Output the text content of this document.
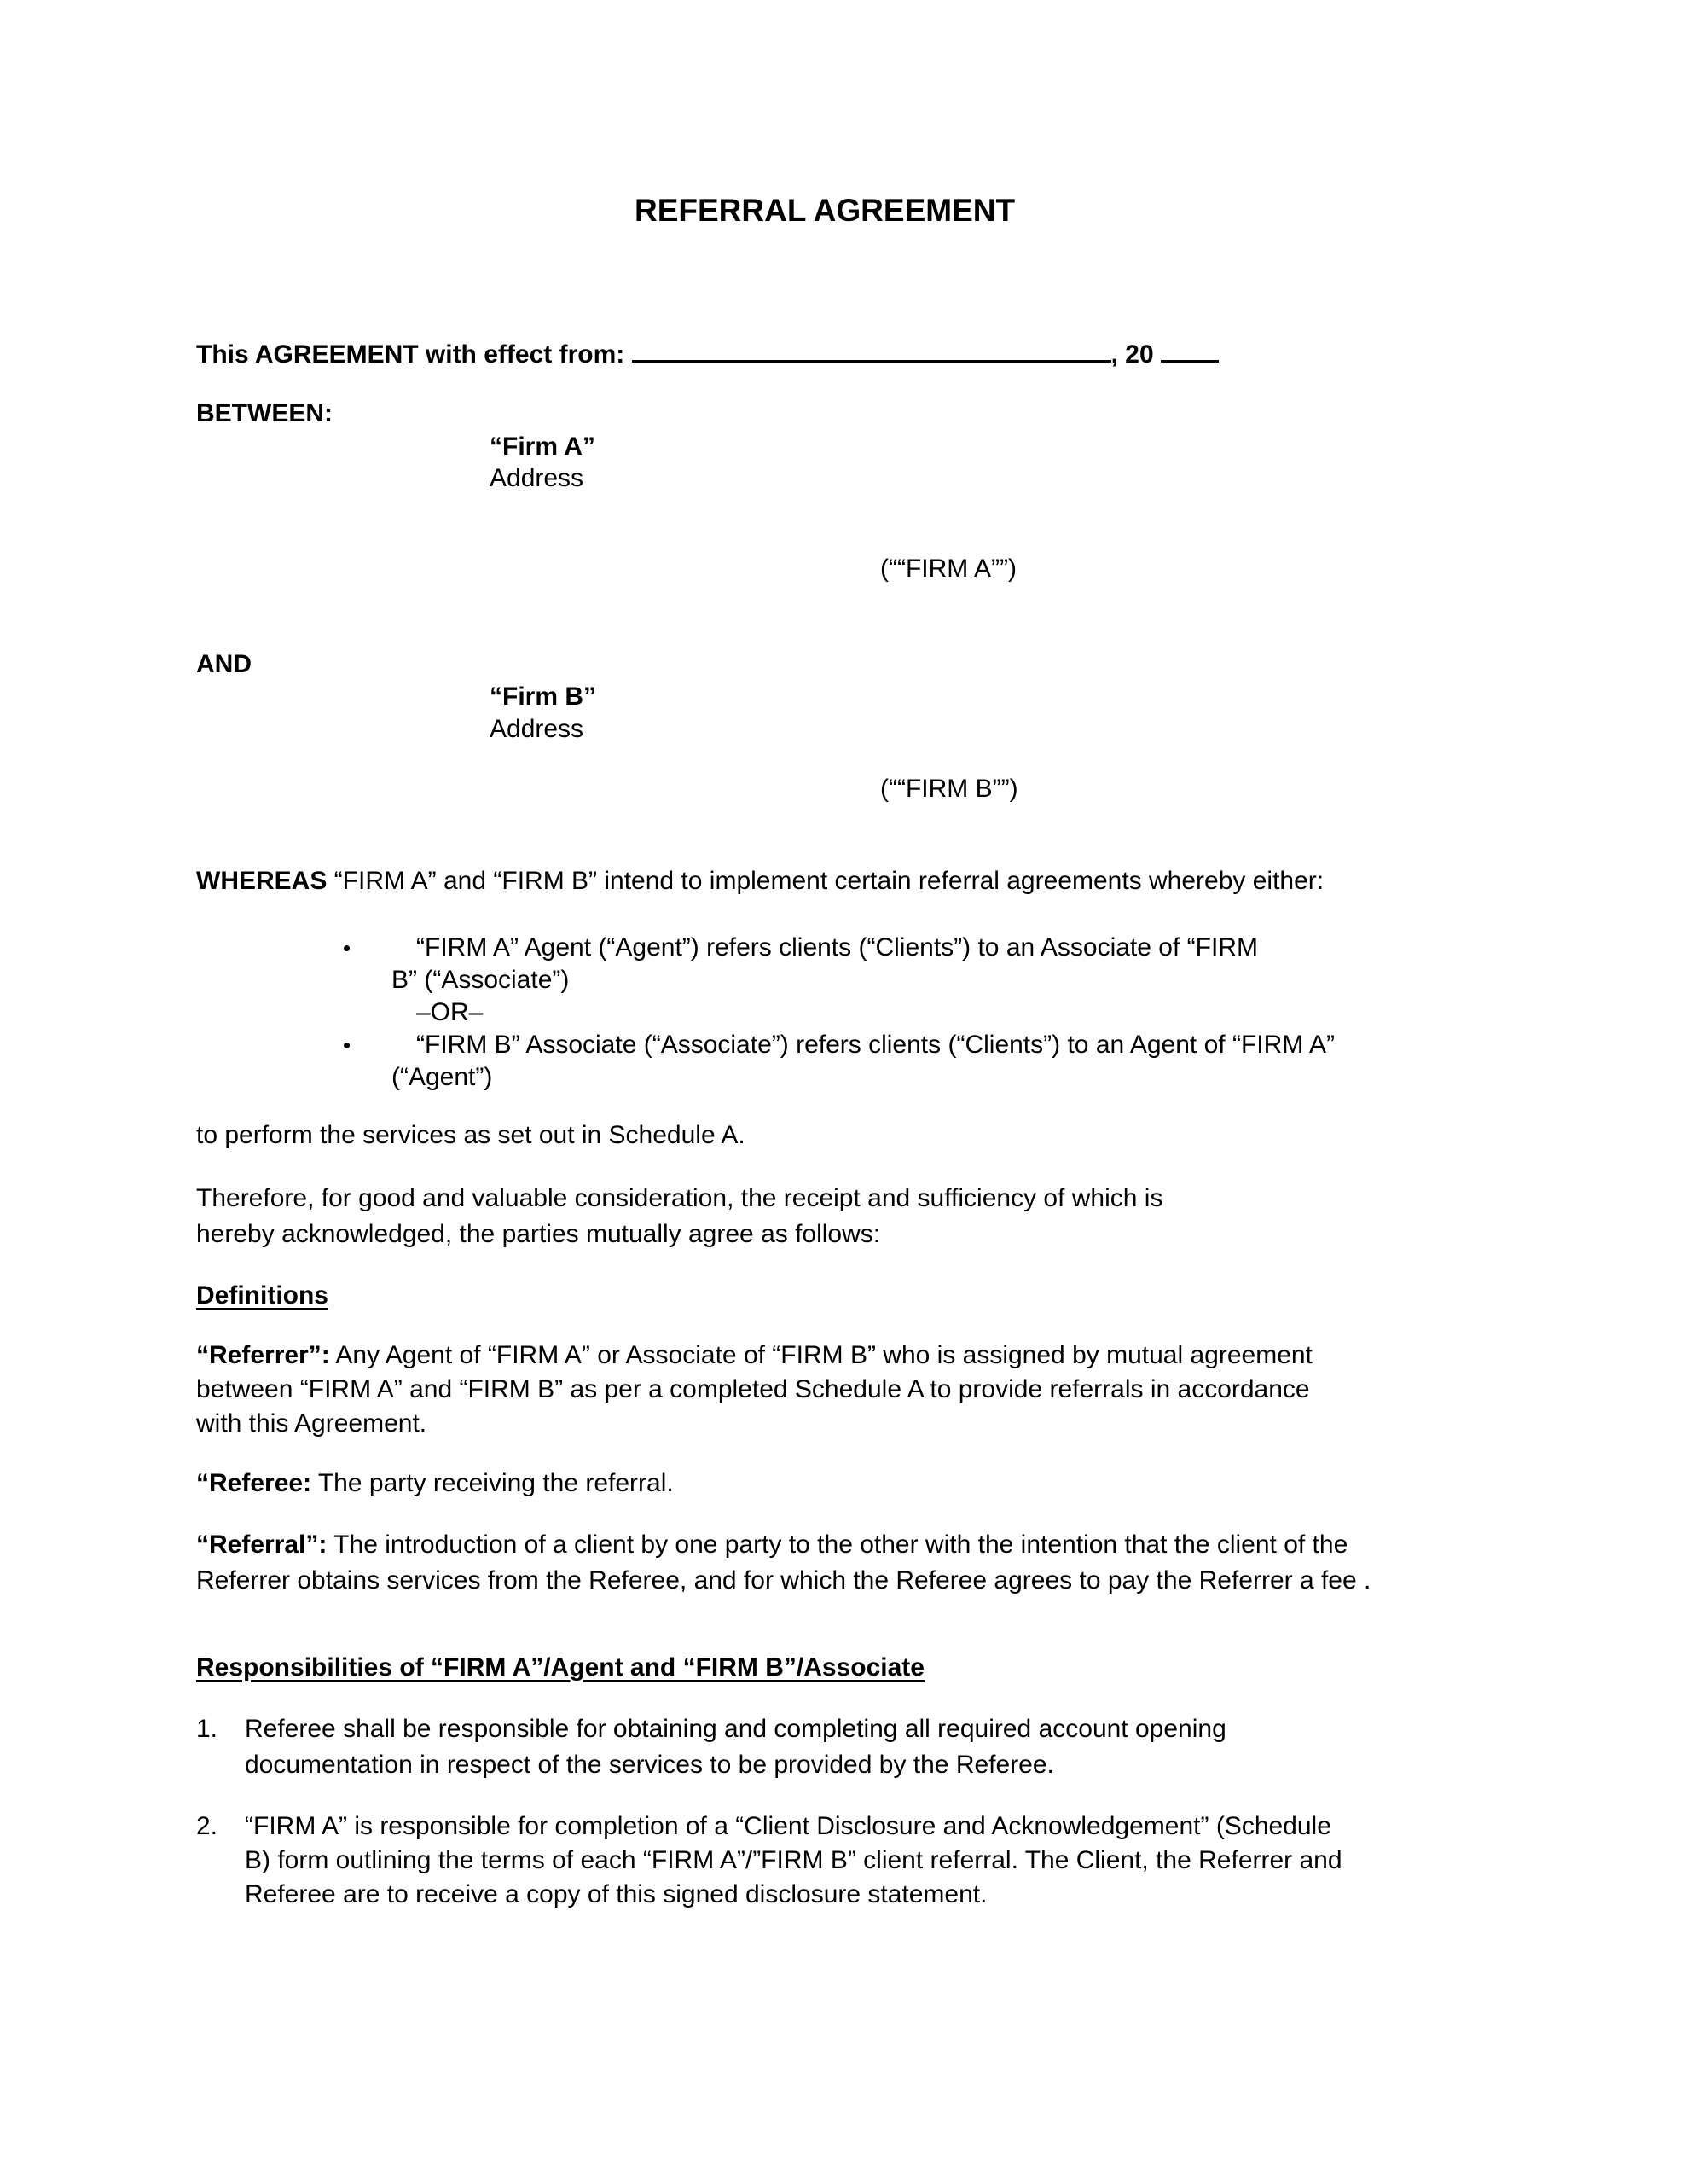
REFERRAL AGREEMENT
This AGREEMENT with effect from:	, 20
BETWEEN:
“Firm A”
Address
(““FIRM A””)
AND
“Firm B”
Address
(““FIRM B””)
WHEREAS “FIRM A” and “FIRM B” intend to implement certain referral agreements whereby either:
•	“FIRM A” Agent (“Agent”) refers clients (“Clients”) to an Associate of “FIRM
B” (“Associate”)
–OR–
•	“FIRM B” Associate (“Associate”) refers clients (“Clients”) to an Agent of “FIRM A”
(“Agent”)
to perform the services as set out in Schedule A.
Therefore, for good and valuable consideration, the receipt and sufficiency of which is
hereby acknowledged, the parties mutually agree as follows:
Definitions
“Referrer”: Any Agent of “FIRM A” or Associate of “FIRM B” who is assigned by mutual agreement
between “FIRM A” and “FIRM B” as per a completed Schedule A to provide referrals in accordance
with this Agreement.
“Referee: The party receiving the referral.
“Referral”: The introduction of a client by one party to the other with the intention that the client of the
Referrer obtains services from the Referee, and for which the Referee agrees to pay the Referrer a fee .
Responsibilities of “FIRM A”/Agent and “FIRM B”/Associate
1. Referee shall be responsible for obtaining and completing all required account opening
documentation in respect of the services to be provided by the Referee.
2. “FIRM A” is responsible for completion of a “Client Disclosure and Acknowledgement” (Schedule
B) form outlining the terms of each “FIRM A”/”FIRM B” client referral. The Client, the Referrer and
Referee are to receive a copy of this signed disclosure statement.
